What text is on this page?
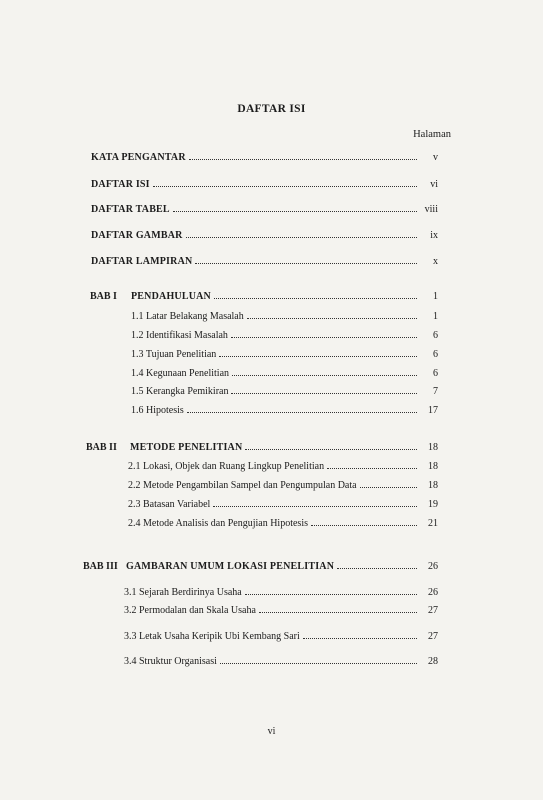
DAFTAR ISI
Halaman
KATA PENGANTAR	v
DAFTAR ISI	vi
DAFTAR TABEL	viii
DAFTAR GAMBAR	ix
DAFTAR LAMPIRAN	x
BAB I PENDAHULUAN	1
1.1 Latar Belakang Masalah	1
1.2 Identifikasi Masalah	6
1.3 Tujuan Penelitian	6
1.4 Kegunaan Penelitian	6
1.5 Kerangka Pemikiran	7
1.6 Hipotesis	17
BAB II METODE PENELITIAN	18
2.1 Lokasi, Objek dan Ruang Lingkup Penelitian	18
2.2 Metode Pengambilan Sampel dan Pengumpulan Data	18
2.3 Batasan Variabel	19
2.4 Metode Analisis dan Pengujian Hipotesis	21
BAB III GAMBARAN UMUM LOKASI PENELITIAN	26
3.1 Sejarah Berdirinya Usaha	26
3.2 Permodalan dan Skala Usaha	27
3.3 Letak Usaha Keripik Ubi Kembang Sari	27
3.4 Struktur Organisasi	28
vi
